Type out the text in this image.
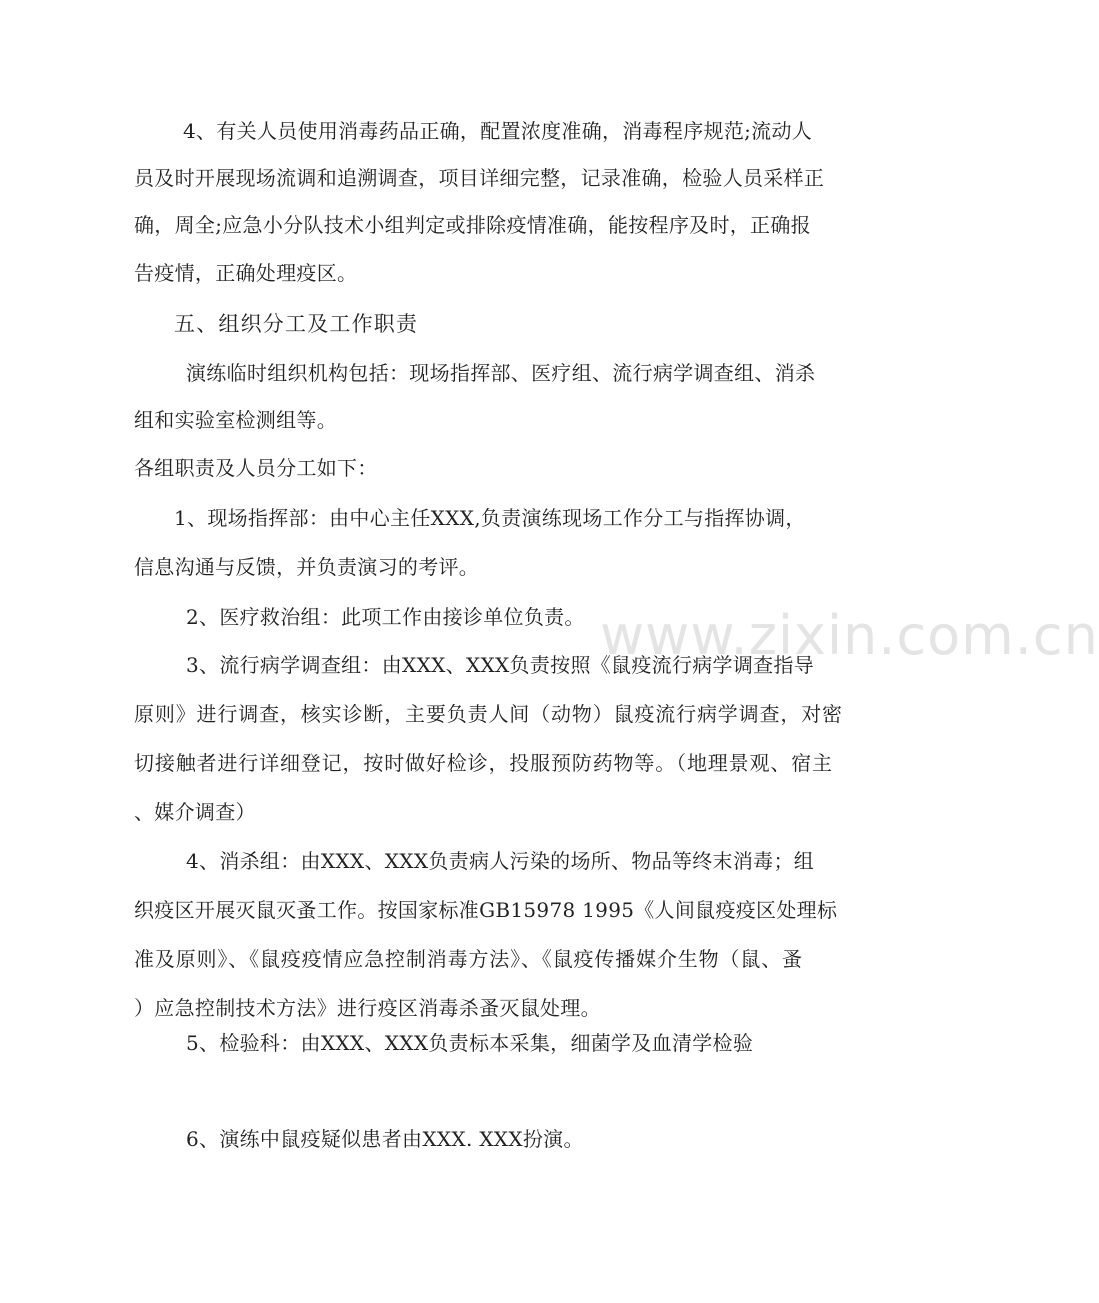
www.zixin.com.cn

4、有关人员使用消毒药品正确，配置浓度准确，消毒程序规范;流动人

员及时开展现场流调和追溯调查，项目详细完整，记录准确，检验人员采样正

确，周全;应急小分队技术小组判定或排除疫情准确，能按程序及时，正确报

告疫情，正确处理疫区。

五、组织分工及工作职责

演练临时组织机构包括：现场指挥部、医疗组、流行病学调查组、消杀

组和实验室检测组等。

各组职责及人员分工如下：

1、现场指挥部：由中心主任XXX,负责演练现场工作分工与指挥协调，

信息沟通与反馈，并负责演习的考评。

2、医疗救治组：此项工作由接诊单位负责。

3、流行病学调查组：由XXX、XXX负责按照《鼠疫流行病学调查指导

原则》进行调查，核实诊断，主要负责人间（动物）鼠疫流行病学调查，对密

切接触者进行详细登记，按时做好检诊，投服预防药物等。（地理景观、宿主

、媒介调查）

4、消杀组：由XXX、XXX负责病人污染的场所、物品等终末消毒；组

织疫区开展灭鼠灭蚤工作。按国家标准GB15978 1995《人间鼠疫疫区处理标

准及原则》、《鼠疫疫情应急控制消毒方法》、《鼠疫传播媒介生物（鼠、蚤

）应急控制技术方法》进行疫区消毒杀蚤灭鼠处理。

5、检验科：由XXX、XXX负责标本采集，细菌学及血清学检验

6、演练中鼠疫疑似患者由XXX. XXX扮演。
